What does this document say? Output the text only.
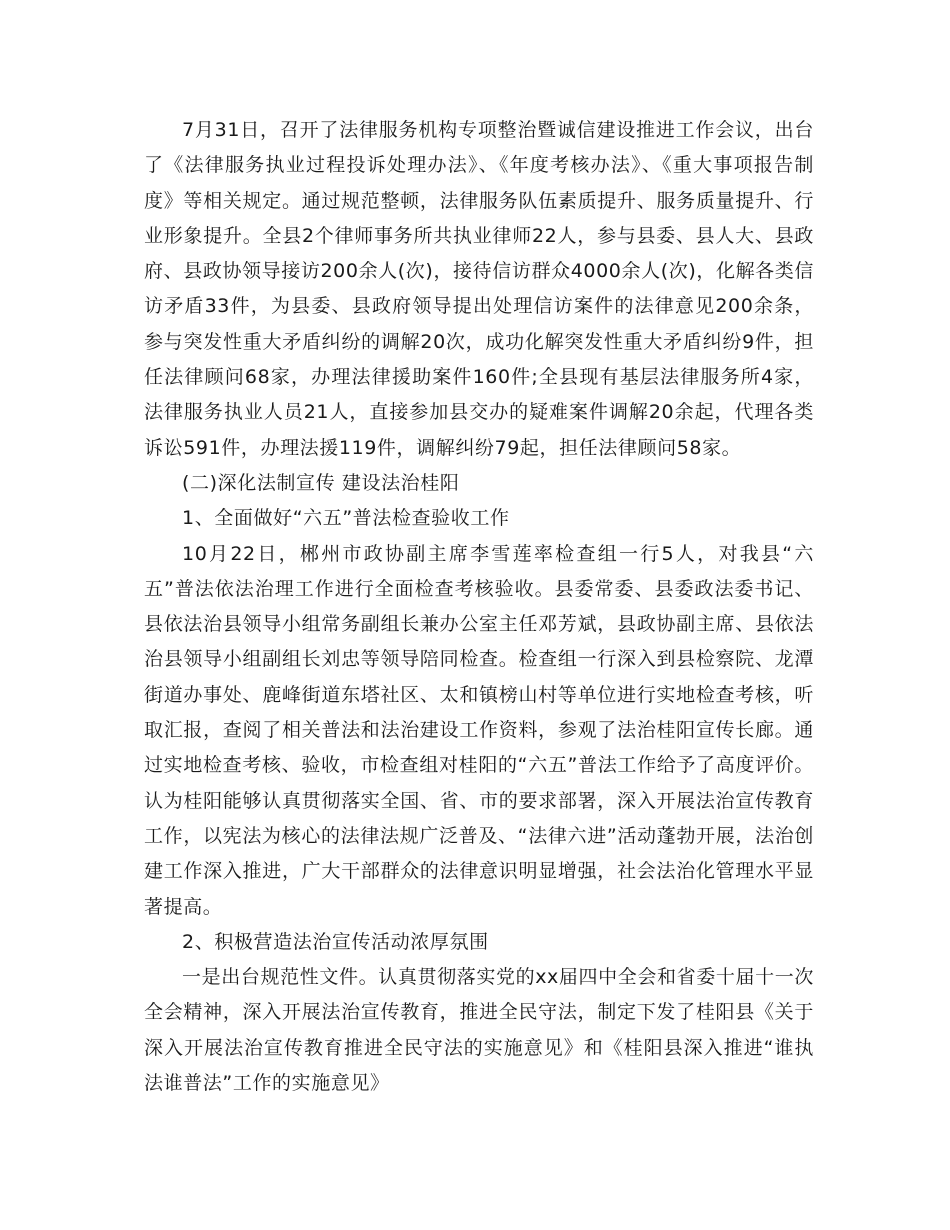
7月31日，召开了法律服务机构专项整治暨诚信建设推进工作会议，出台了《法律服务执业过程投诉处理办法》、《年度考核办法》、《重大事项报告制度》等相关规定。通过规范整顿，法律服务队伍素质提升、服务质量提升、行业形象提升。全县2个律师事务所共执业律师22人，参与县委、县人大、县政府、县政协领导接访200余人(次)，接待信访群众4000余人(次)，化解各类信访矛盾33件，为县委、县政府领导提出处理信访案件的法律意见200余条，参与突发性重大矛盾纠纷的调解20次，成功化解突发性重大矛盾纠纷9件，担任法律顾问68家，办理法律援助案件160件;全县现有基层法律服务所4家，法律服务执业人员21人，直接参加县交办的疑难案件调解20余起，代理各类诉讼591件，办理法援119件，调解纠纷79起，担任法律顾问58家。

(二)深化法制宣传 建设法治桂阳

1、全面做好“六五”普法检查验收工作

10月22日，郴州市政协副主席李雪莲率检查组一行5人，对我县“六五”普法依法治理工作进行全面检查考核验收。县委常委、县委政法委书记、县依法治县领导小组常务副组长兼办公室主任邓芳斌，县政协副主席、县依法治县领导小组副组长刘忠等领导陪同检查。检查组一行深入到县检察院、龙潭街道办事处、鹿峰街道东塔社区、太和镇榜山村等单位进行实地检查考核，听取汇报，查阅了相关普法和法治建设工作资料，参观了法治桂阳宣传长廊。通过实地检查考核、验收，市检查组对桂阳的“六五”普法工作给予了高度评价。认为桂阳能够认真贯彻落实全国、省、市的要求部署，深入开展法治宣传教育工作，以宪法为核心的法律法规广泛普及、“法律六进”活动蓬勃开展，法治创建工作深入推进，广大干部群众的法律意识明显增强，社会法治化管理水平显著提高。

2、积极营造法治宣传活动浓厚氛围

一是出台规范性文件。认真贯彻落实党的xx届四中全会和省委十届十一次全会精神，深入开展法治宣传教育，推进全民守法，制定下发了桂阳县《关于深入开展法治宣传教育推进全民守法的实施意见》和《桂阳县深入推进“谁执法谁普法”工作的实施意见》
